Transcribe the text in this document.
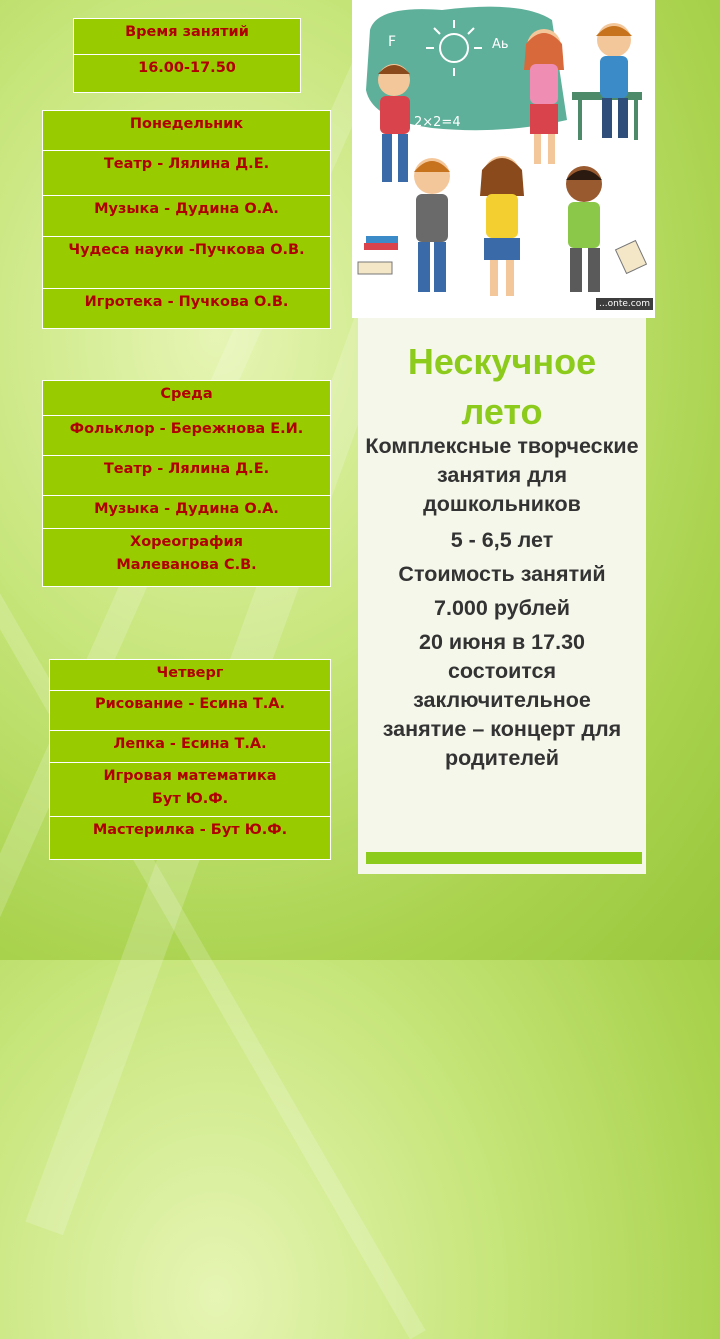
Время занятий
16.00-17.50
Понедельник
Театр - Лялина Д.Е.
Музыка - Дудина О.А.
Чудеса науки -Пучкова О.В.
Игротека - Пучкова О.В.
Среда
Фольклор - Бережнова Е.И.
Театр - Лялина Д.Е.
Музыка - Дудина О.А.
Хореография
Малеванова С.В.
Четверг
Рисование - Есина Т.А.
Лепка - Есина Т.А.
Игровая математика
Бут Ю.Ф.
Мастерилка - Бут Ю.Ф.
F	Аь
2×2=4
...onte.com
Нескучное
лето
Комплексные творческие занятия для дошкольников
5 - 6,5 лет
Стоимость занятий
7.000 рублей
20 июня в 17.30 состоится заключительное занятие – концерт для родителей
